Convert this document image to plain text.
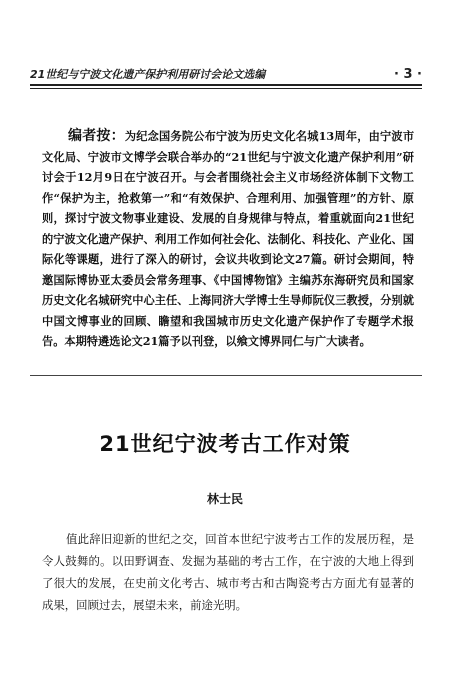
21世纪与宁波文化遗产保护利用研讨会论文选编	· 3 ·
编者按：为纪念国务院公布宁波为历史文化名城13周年，由宁波市文化局、宁波市文博学会联合举办的“21世纪与宁波文化遗产保护利用”研讨会于12月9日在宁波召开。与会者围绕社会主义市场经济体制下文物工作“保护为主，抢救第一”和“有效保护、合理利用、加强管理”的方针、原则，探讨宁波文物事业建设、发展的自身规律与特点，着重就面向21世纪的宁波文化遗产保护、利用工作如何社会化、法制化、科技化、产业化、国际化等课题，进行了深入的研讨，会议共收到论文27篇。研讨会期间，特邀国际博协亚太委员会常务理事、《中国博物馆》主编苏东海研究员和国家历史文化名城研究中心主任、上海同济大学博士生导师阮仪三教授，分别就中国文博事业的回顾、瞻望和我国城市历史文化遗产保护作了专题学术报告。本期特遴选论文21篇予以刊登，以飨文博界同仁与广大读者。
21世纪宁波考古工作对策
林士民
值此辞旧迎新的世纪之交，回首本世纪宁波考古工作的发展历程，是令人鼓舞的。以田野调查、发掘为基础的考古工作，在宁波的大地上得到了很大的发展，在史前文化考古、城市考古和古陶瓷考古方面尤有显著的成果，回顾过去，展望未来，前途光明。
